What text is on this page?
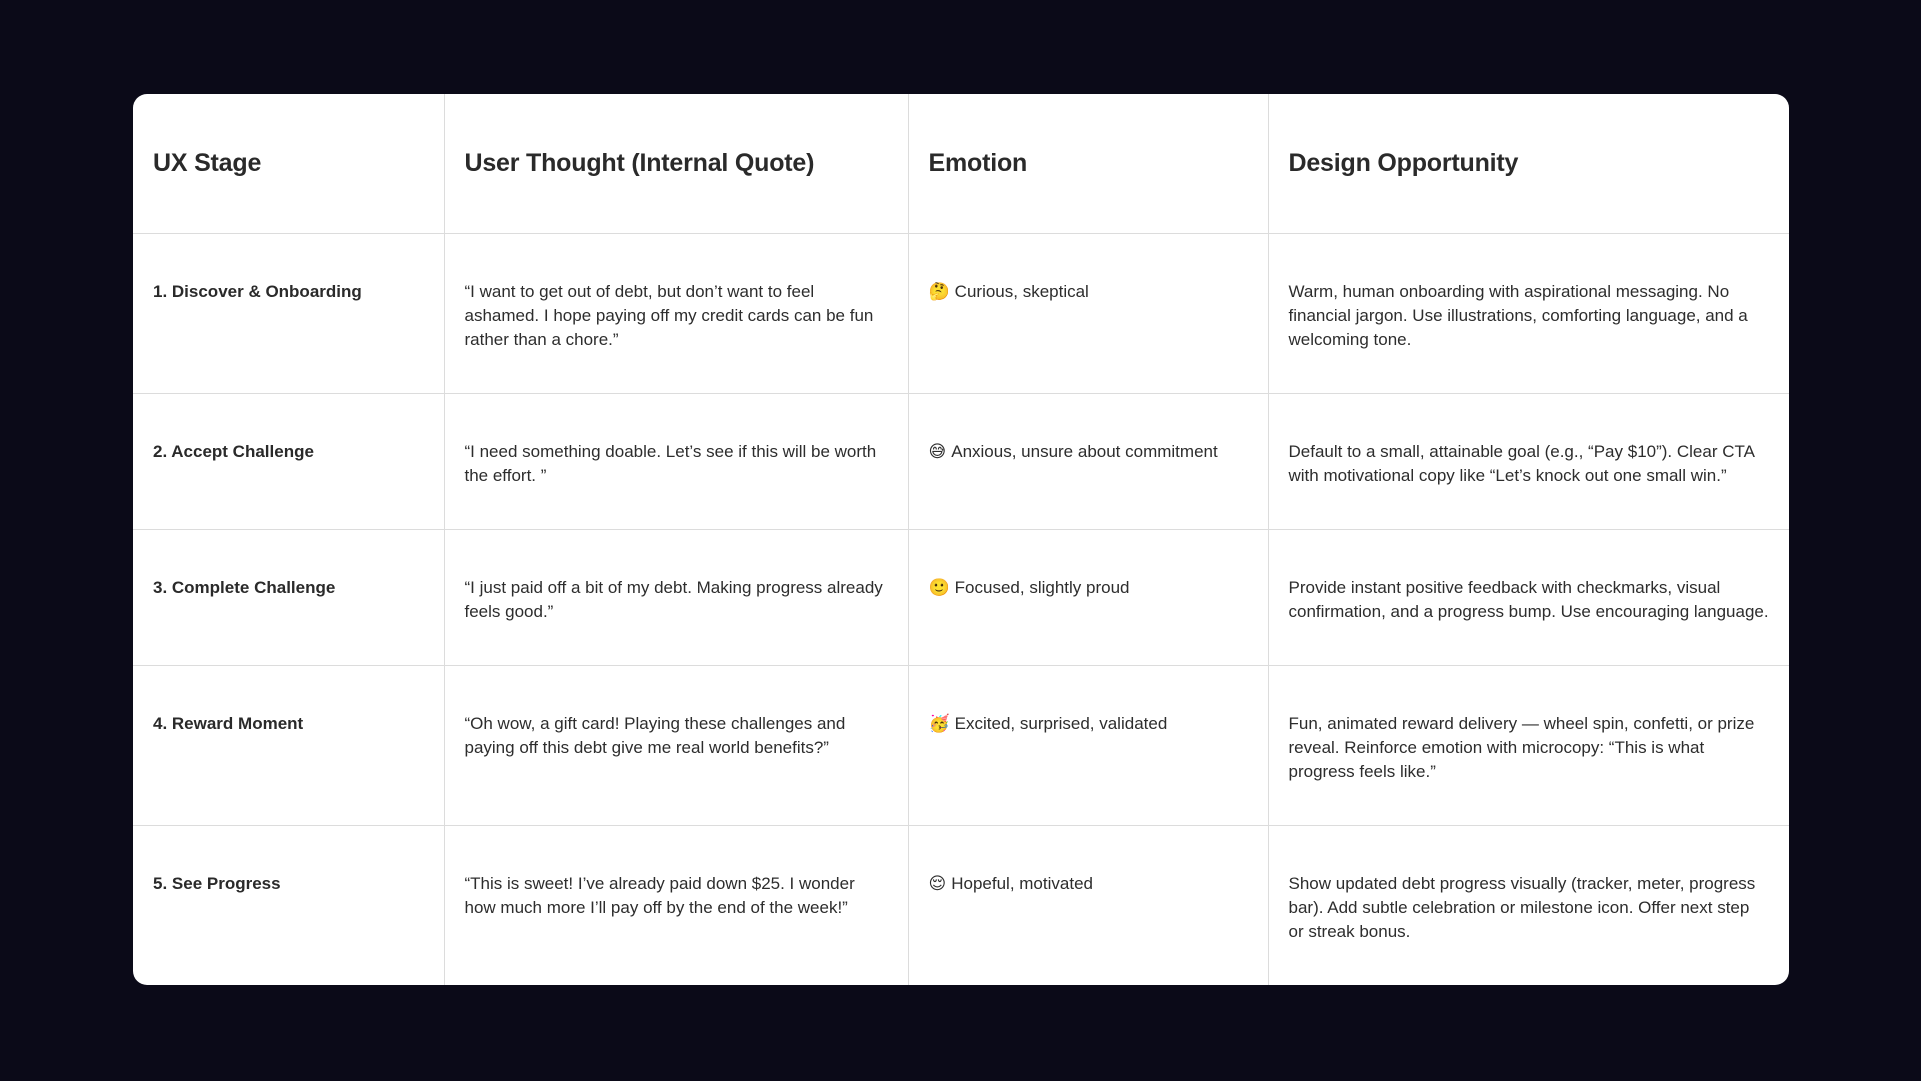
UX Stage	User Thought (Internal Quote)	Emotion	Design Opportunity
1. Discover & Onboarding	“I want to get out of debt, but don’t want to feel ashamed. I hope paying off my credit cards can be fun rather than a chore.”	🤔 Curious, skeptical	Warm, human onboarding with aspirational messaging. No financial jargon. Use illustrations, comforting language, and a welcoming tone.
2. Accept Challenge	“I need something doable. Let’s see if this will be worth the effort. ”	😅 Anxious, unsure about commitment	Default to a small, attainable goal (e.g., “Pay $10”). Clear CTA with motivational copy like “Let’s knock out one small win.”
3. Complete Challenge	“I just paid off a bit of my debt. Making progress already feels good.”	🙂 Focused, slightly proud	Provide instant positive feedback with checkmarks, visual confirmation, and a progress bump. Use encouraging language.
4. Reward Moment	“Oh wow, a gift card! Playing these challenges and paying off this debt give me real world benefits?”	🥳 Excited, surprised, validated	Fun, animated reward delivery — wheel spin, confetti, or prize reveal. Reinforce emotion with microcopy: “This is what progress feels like.”
5. See Progress	“This is sweet! I’ve already paid down $25. I wonder how much more I’ll pay off by the end of the week!”	😌 Hopeful, motivated	Show updated debt progress visually (tracker, meter, progress bar). Add subtle celebration or milestone icon. Offer next step or streak bonus.
